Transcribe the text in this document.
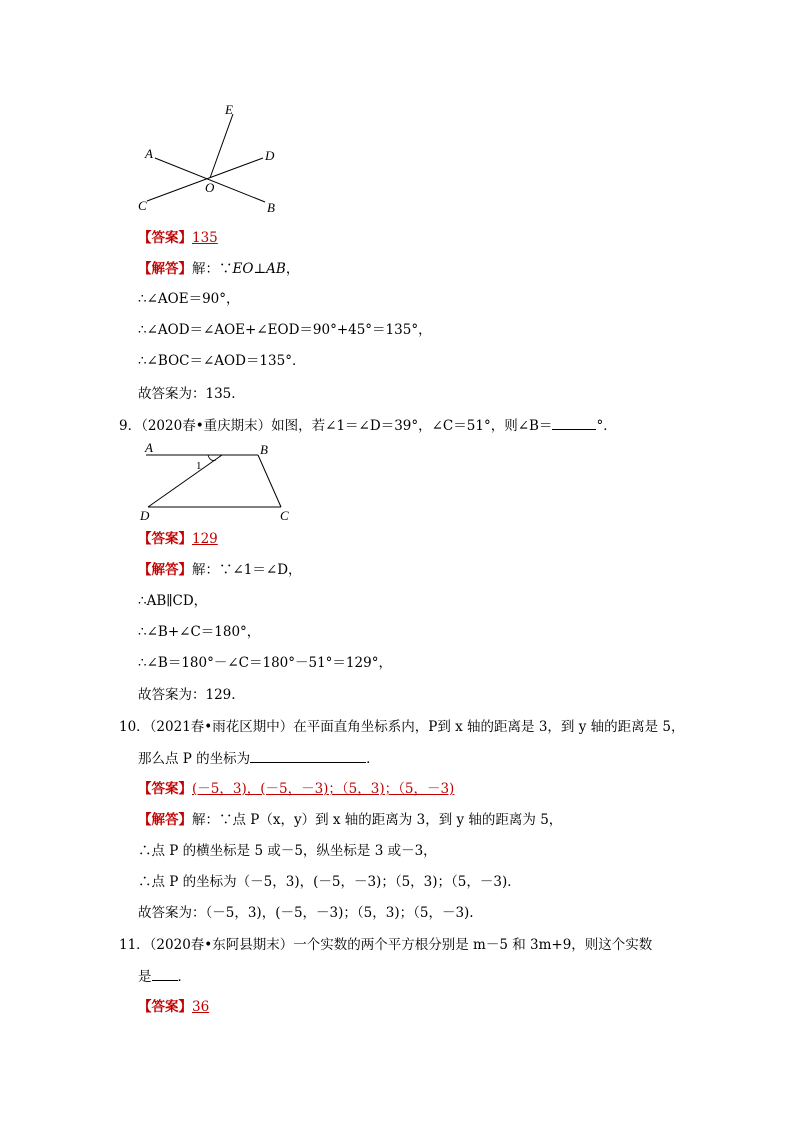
E
A	D
O
C	B
【答案】135
【解答】解：∵EO⊥AB，
∴∠AOE＝90°，
∴∠AOD＝∠AOE+∠EOD＝90°+45°＝135°，
∴∠BOC＝∠AOD＝135°．
故答案为：135.
9．（2020春•重庆期末）如图，若∠1＝∠D＝39°，∠C＝51°，则∠B＝	°．
A	B
D	C
1
【答案】129
【解答】解：∵∠1＝∠D，
∴AB∥CD，
∴∠B+∠C＝180°，
∴∠B＝180°－∠C＝180°－51°＝129°，
故答案为：129.
10．（2021春•雨花区期中）在平面直角坐标系内，P到 x 轴的距离是 3，到 y 轴的距离是 5，
那么点 P 的坐标为	．
【答案】(－5，3)，(－5，－3)；（5，3)；（5，－3)
【解答】解：∵点 P（x，y）到 x 轴的距离为 3，到 y 轴的距离为 5，
∴点 P 的横坐标是 5 或－5，纵坐标是 3 或－3，
∴点 P 的坐标为（－5，3)，(－5，－3)；（5，3)；（5，－3)．
故答案为：（－5，3)，(－5，－3)；（5，3)；（5，－3).
11．（2020春•东阿县期末）一个实数的两个平方根分别是 m－5 和 3m+9，则这个实数
是 ．
【答案】36
